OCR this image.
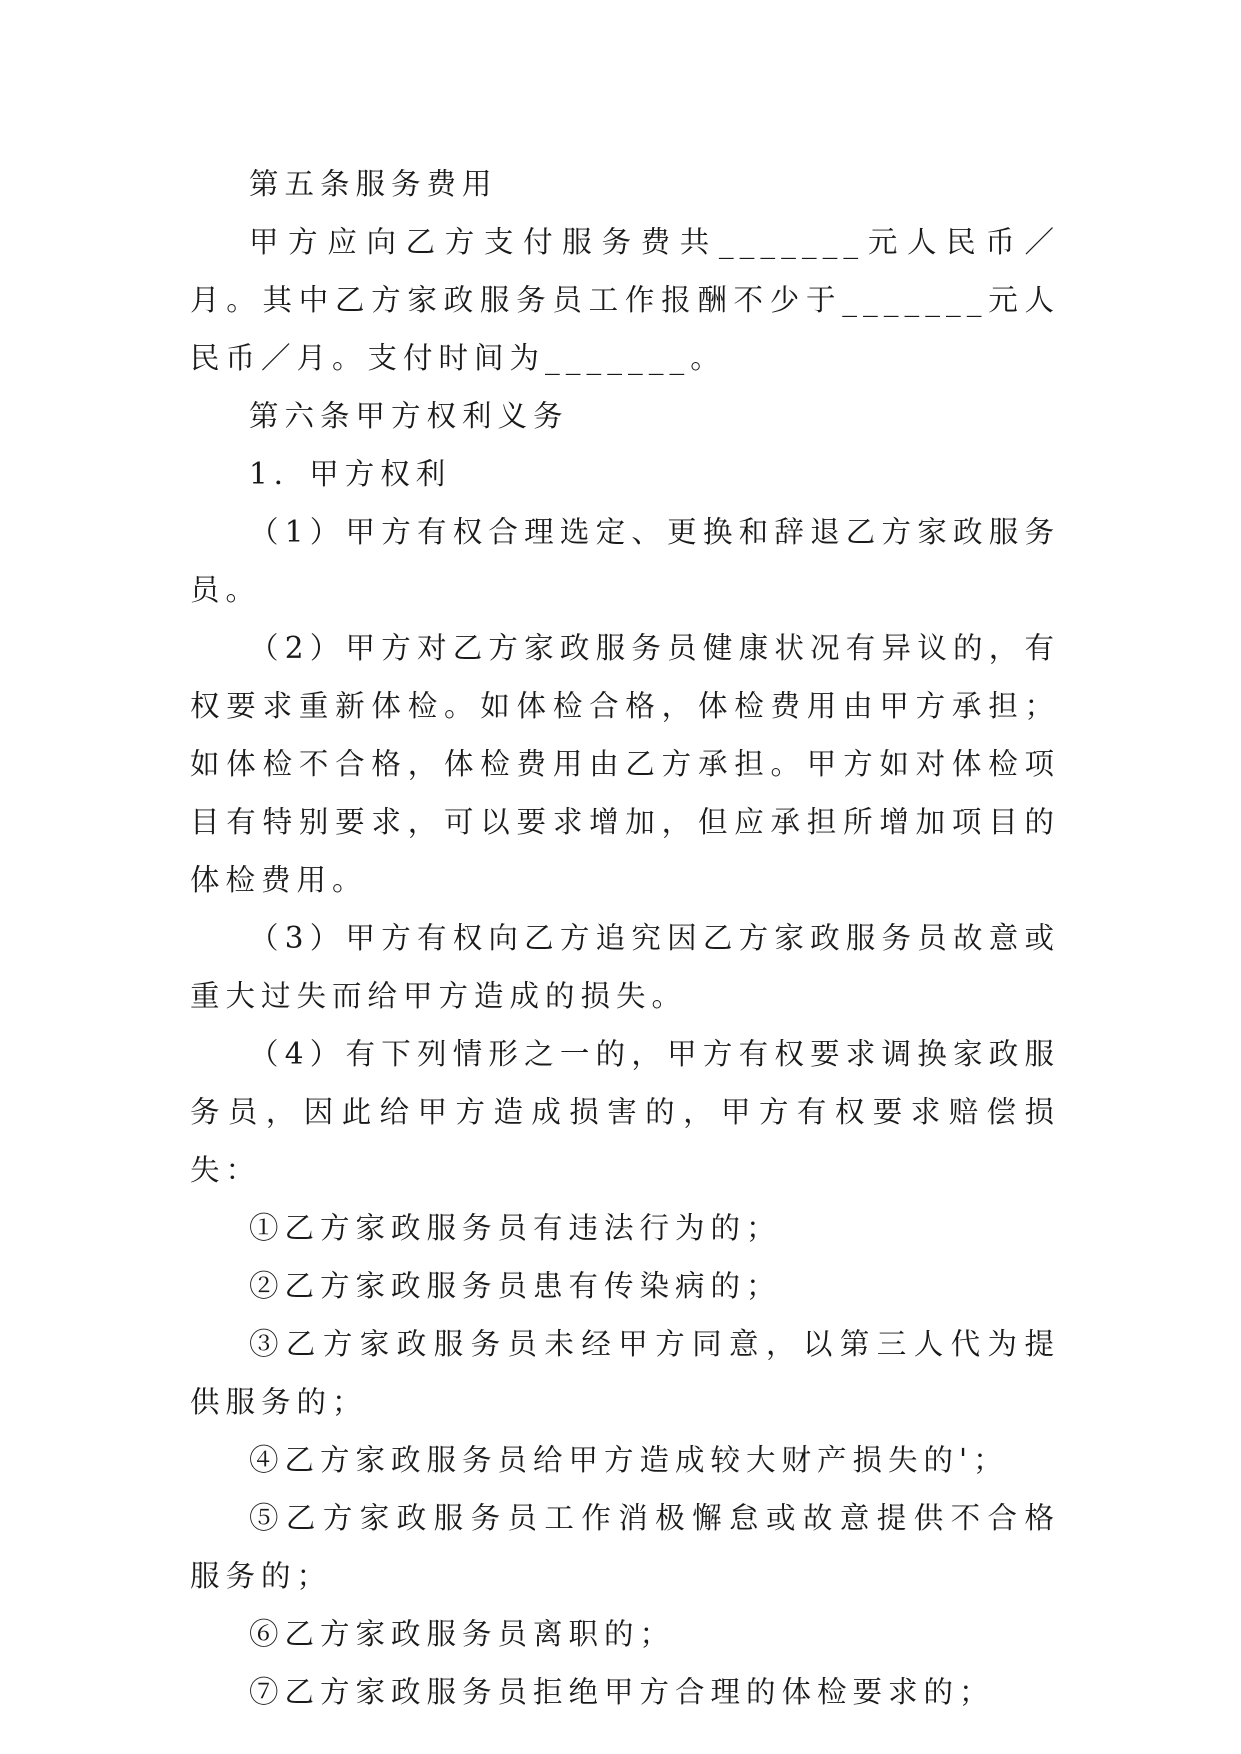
第五条服务费用

甲方应向乙方支付服务费共_______元人民币／月。其中乙方家政服务员工作报酬不少于_______元人民币／月。支付时间为_______。

第六条甲方权利义务

1．甲方权利

（1）甲方有权合理选定、更换和辞退乙方家政服务员。

（2）甲方对乙方家政服务员健康状况有异议的，有权要求重新体检。如体检合格，体检费用由甲方承担；如体检不合格，体检费用由乙方承担。甲方如对体检项目有特别要求，可以要求增加，但应承担所增加项目的体检费用。

（3）甲方有权向乙方追究因乙方家政服务员故意或重大过失而给甲方造成的损失。

（4）有下列情形之一的，甲方有权要求调换家政服务员，因此给甲方造成损害的，甲方有权要求赔偿损失：

①乙方家政服务员有违法行为的；

②乙方家政服务员患有传染病的；

③乙方家政服务员未经甲方同意，以第三人代为提供服务的；

④乙方家政服务员给甲方造成较大财产损失的'；

⑤乙方家政服务员工作消极懈怠或故意提供不合格服务的；

⑥乙方家政服务员离职的；

⑦乙方家政服务员拒绝甲方合理的体检要求的；
